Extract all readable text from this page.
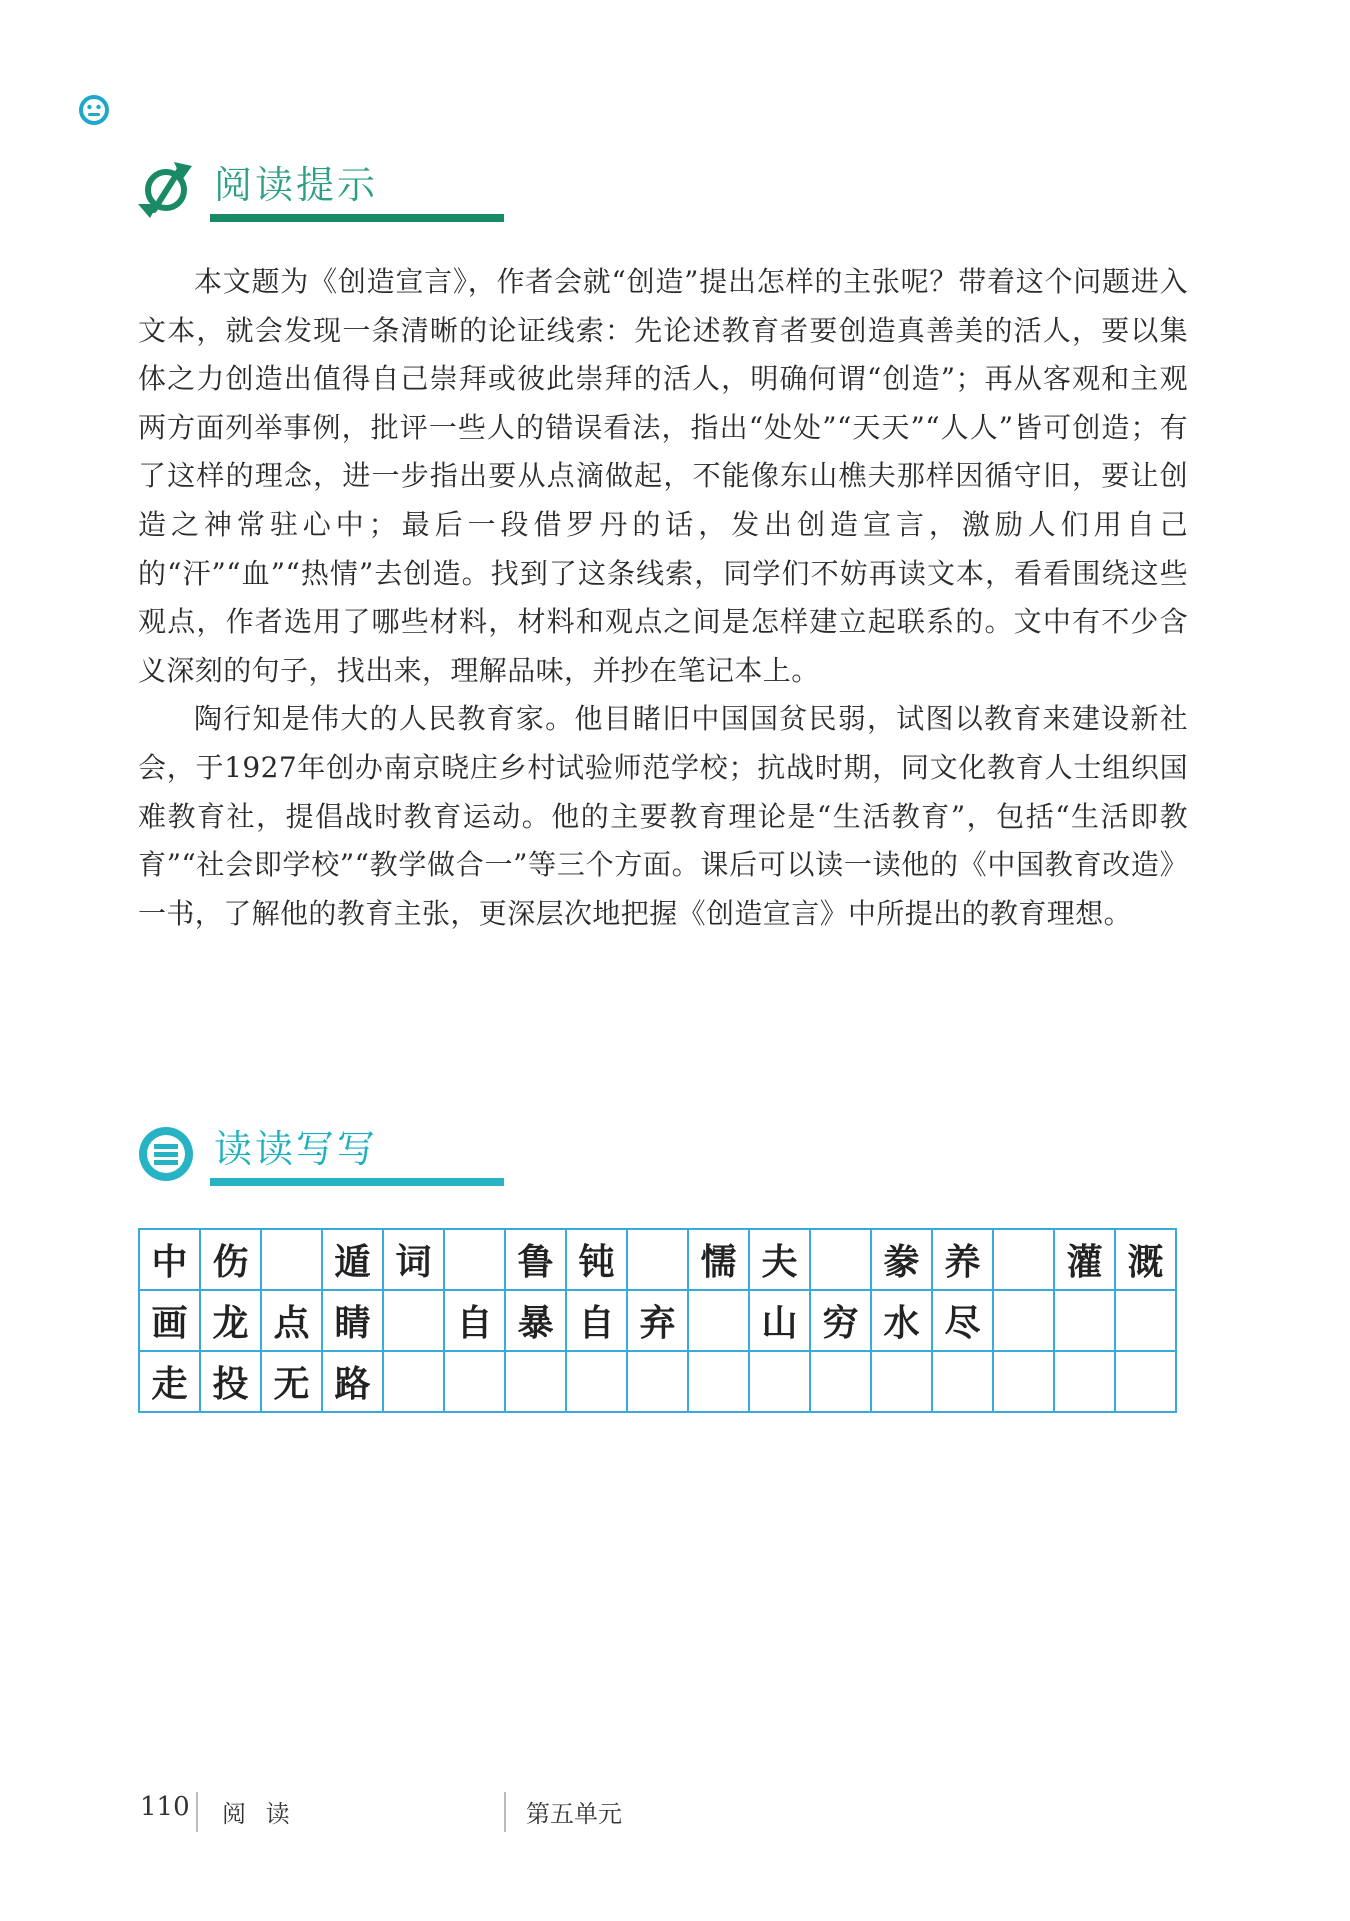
阅读提示

本文题为《创造宣言》，作者会就“创造”提出怎样的主张呢？带着这个问题进入文本，就会发现一条清晰的论证线索：先论述教育者要创造真善美的活人，要以集体之力创造出值得自己崇拜或彼此崇拜的活人，明确何谓“创造”；再从客观和主观两方面列举事例，批评一些人的错误看法，指出“处处”“天天”“人人”皆可创造；有了这样的理念，进一步指出要从点滴做起，不能像东山樵夫那样因循守旧，要让创造之神常驻心中；最后一段借罗丹的话，发出创造宣言，激励人们用自己的“汗”“血”“热情”去创造。找到了这条线索，同学们不妨再读文本，看看围绕这些观点，作者选用了哪些材料，材料和观点之间是怎样建立起联系的。文中有不少含义深刻的句子，找出来，理解品味，并抄在笔记本上。

陶行知是伟大的人民教育家。他目睹旧中国国贫民弱，试图以教育来建设新社会，于1927年创办南京晓庄乡村试验师范学校；抗战时期，同文化教育人士组织国难教育社，提倡战时教育运动。他的主要教育理论是“生活教育”，包括“生活即教育”“社会即学校”“教学做合一”等三个方面。课后可以读一读他的《中国教育改造》一书，了解他的教育主张，更深层次地把握《创造宣言》中所提出的教育理想。

读读写写
中	伤		遁	词		鲁	钝		懦	夫		豢	养		灌	溉
画	龙	点	睛		自	暴	自	弃		山	穷	水	尽			
走	投	无	路													
110 阅 读	第五单元
